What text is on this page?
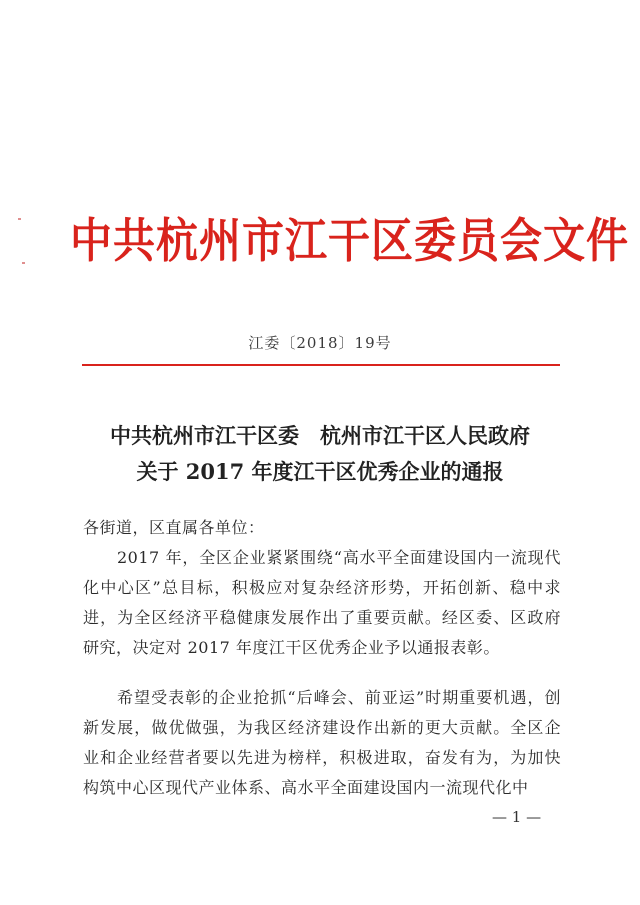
中共杭州市江干区委员会文件
江委〔2018〕19号
中共杭州市江干区委　杭州市江干区人民政府
关于 2017 年度江干区优秀企业的通报
各街道，区直属各单位：
2017 年，全区企业紧紧围绕“高水平全面建设国内一流现代化中心区”总目标，积极应对复杂经济形势，开拓创新、稳中求进，为全区经济平稳健康发展作出了重要贡献。经区委、区政府研究，决定对 2017 年度江干区优秀企业予以通报表彰。
希望受表彰的企业抢抓“后峰会、前亚运”时期重要机遇，创新发展，做优做强，为我区经济建设作出新的更大贡献。全区企业和企业经营者要以先进为榜样，积极进取，奋发有为，为加快构筑中心区现代产业体系、高水平全面建设国内一流现代化中
— 1 —
